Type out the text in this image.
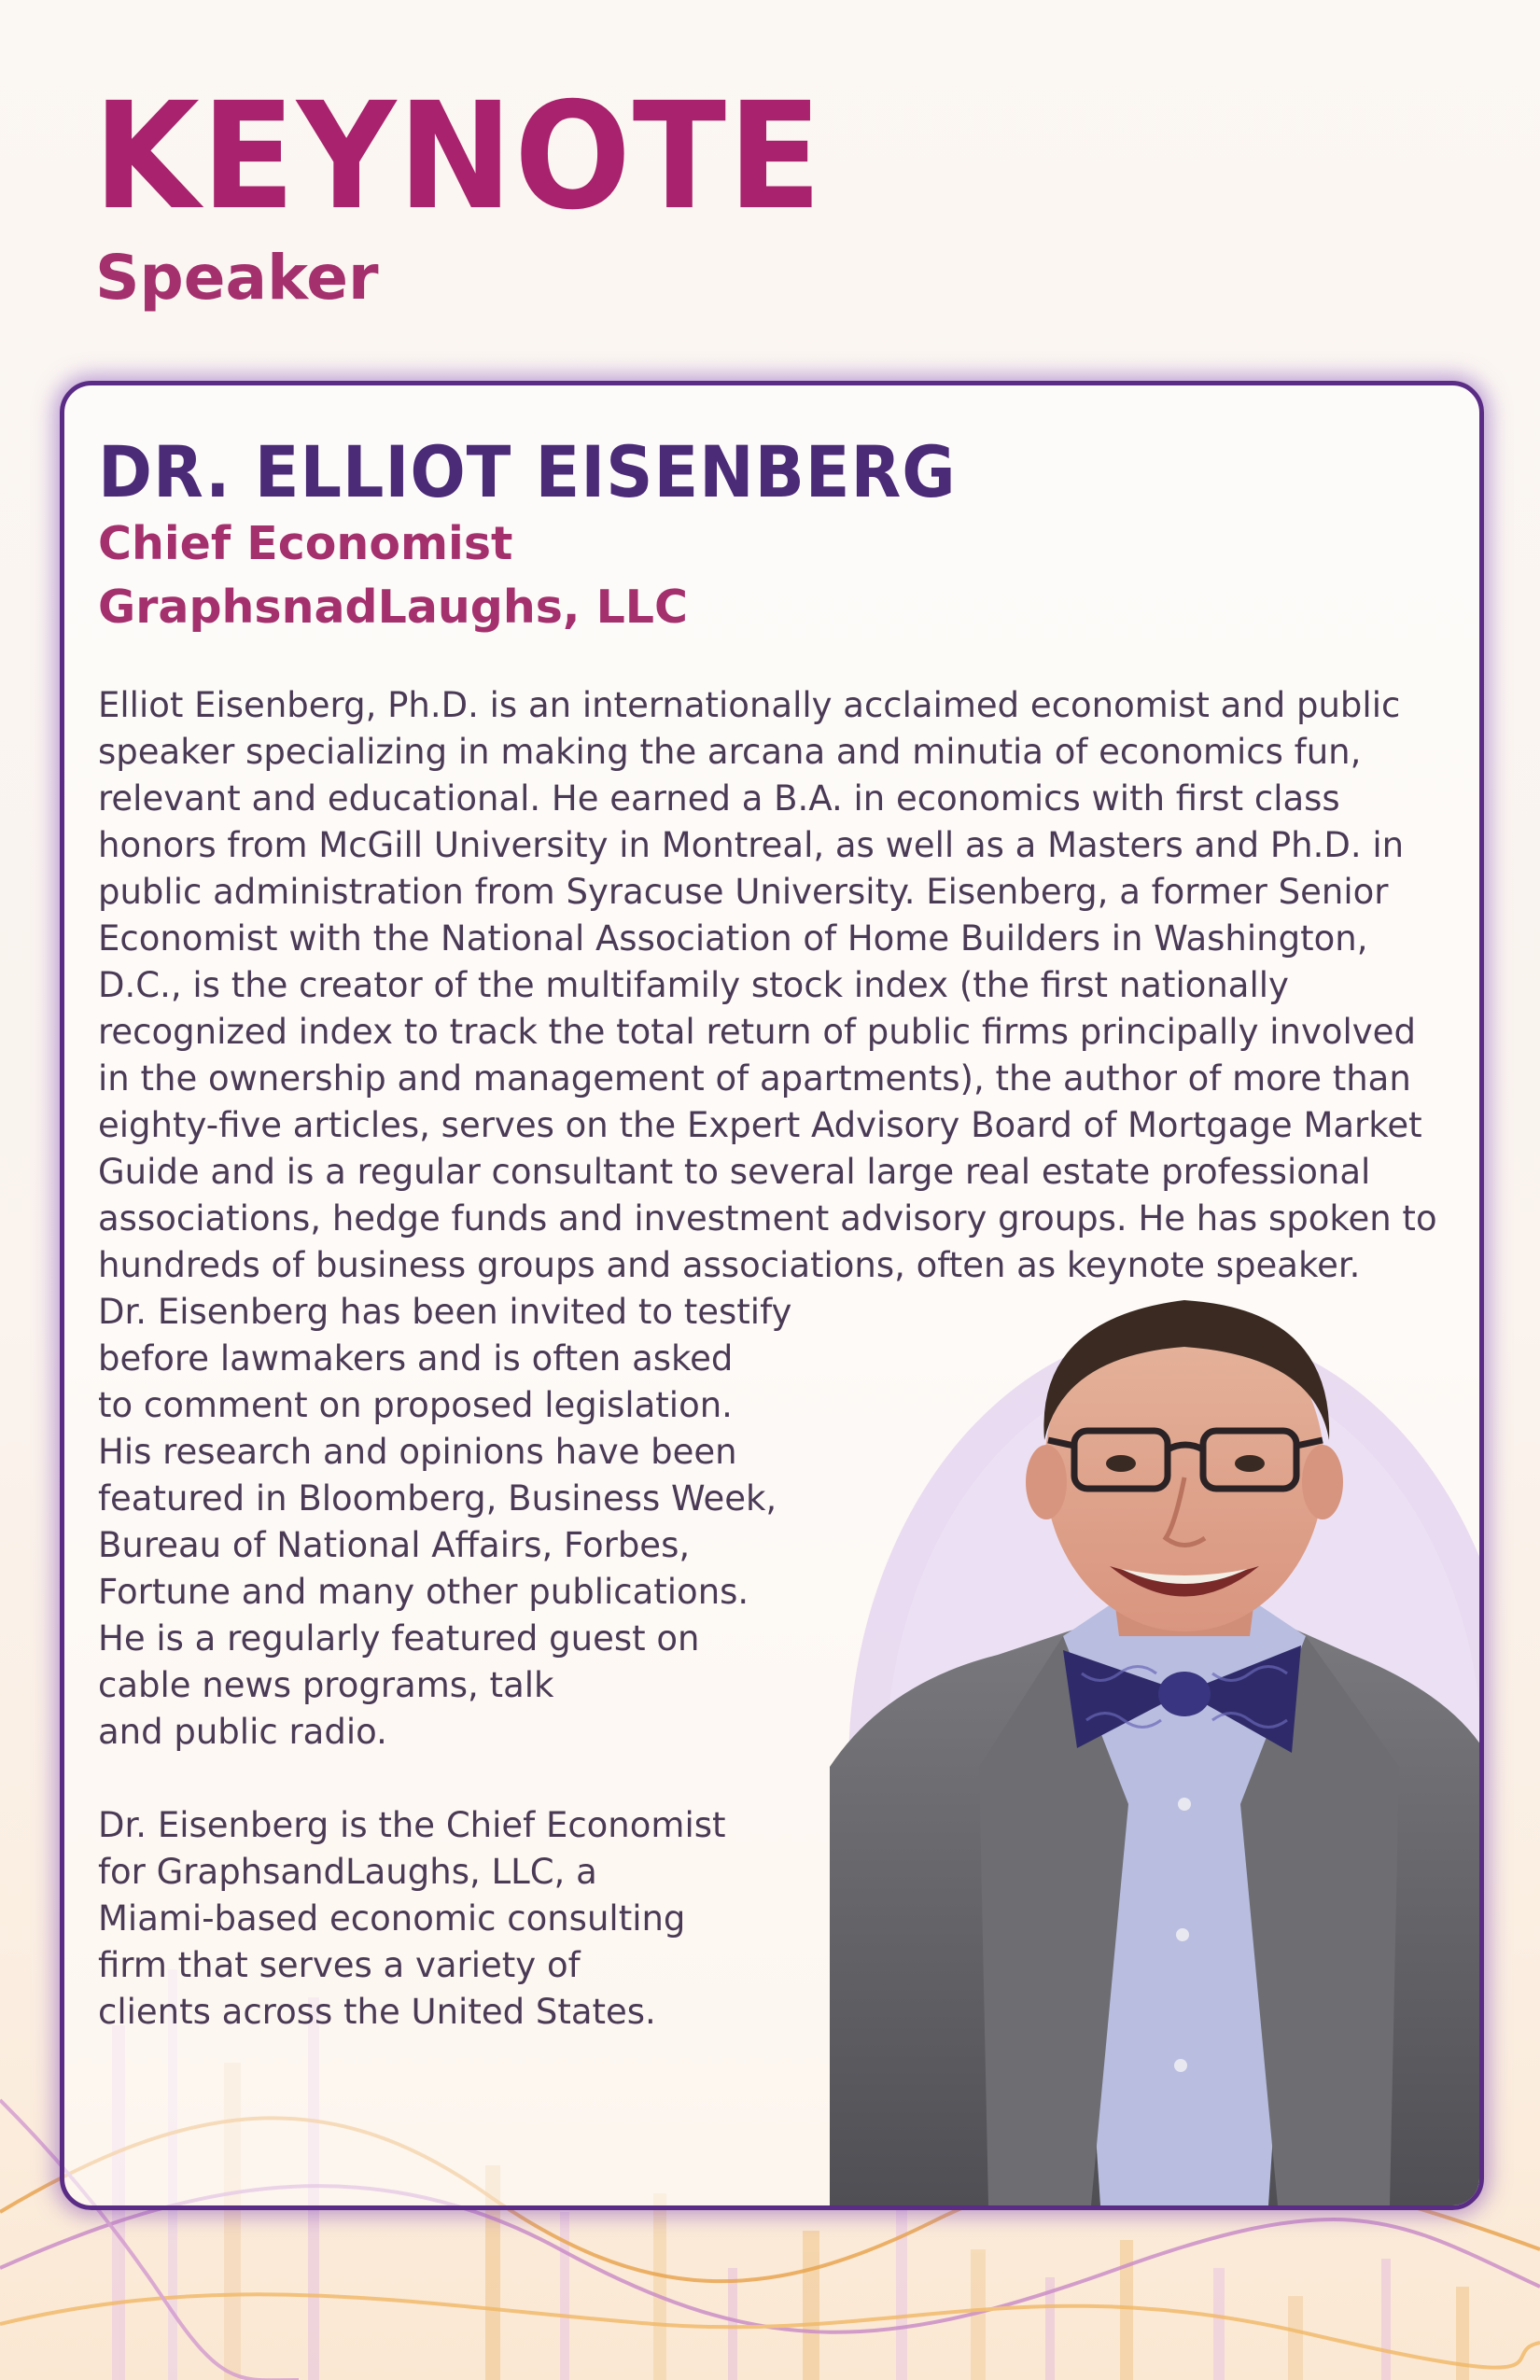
KEYNOTE
Speaker
DR. ELLIOT EISENBERG

Chief Economist

GraphsnadLaughs, LLC

Elliot Eisenberg, Ph.D. is an internationally acclaimed economist and public
speaker specializing in making the arcana and minutia of economics fun,
relevant and educational. He earned a B.A. in economics with first class
honors from McGill University in Montreal, as well as a Masters and Ph.D. in
public administration from Syracuse University. Eisenberg, a former Senior
Economist with the National Association of Home Builders in Washington,
D.C., is the creator of the multifamily stock index (the first nationally
recognized index to track the total return of public firms principally involved
in the ownership and management of apartments), the author of more than
eighty-five articles, serves on the Expert Advisory Board of Mortgage Market
Guide and is a regular consultant to several large real estate professional
associations, hedge funds and investment advisory groups. He has spoken to
hundreds of business groups and associations, often as keynote speaker.
Dr. Eisenberg has been invited to testify
before lawmakers and is often asked
to comment on proposed legislation.
His research and opinions have been
featured in Bloomberg, Business Week,
Bureau of National Affairs, Forbes,
Fortune and many other publications.
He is a regularly featured guest on
cable news programs, talk
and public radio.
Dr. Eisenberg is the Chief Economist
for GraphsandLaughs, LLC, a
Miami-based economic consulting
firm that serves a variety of
clients across the United States.
